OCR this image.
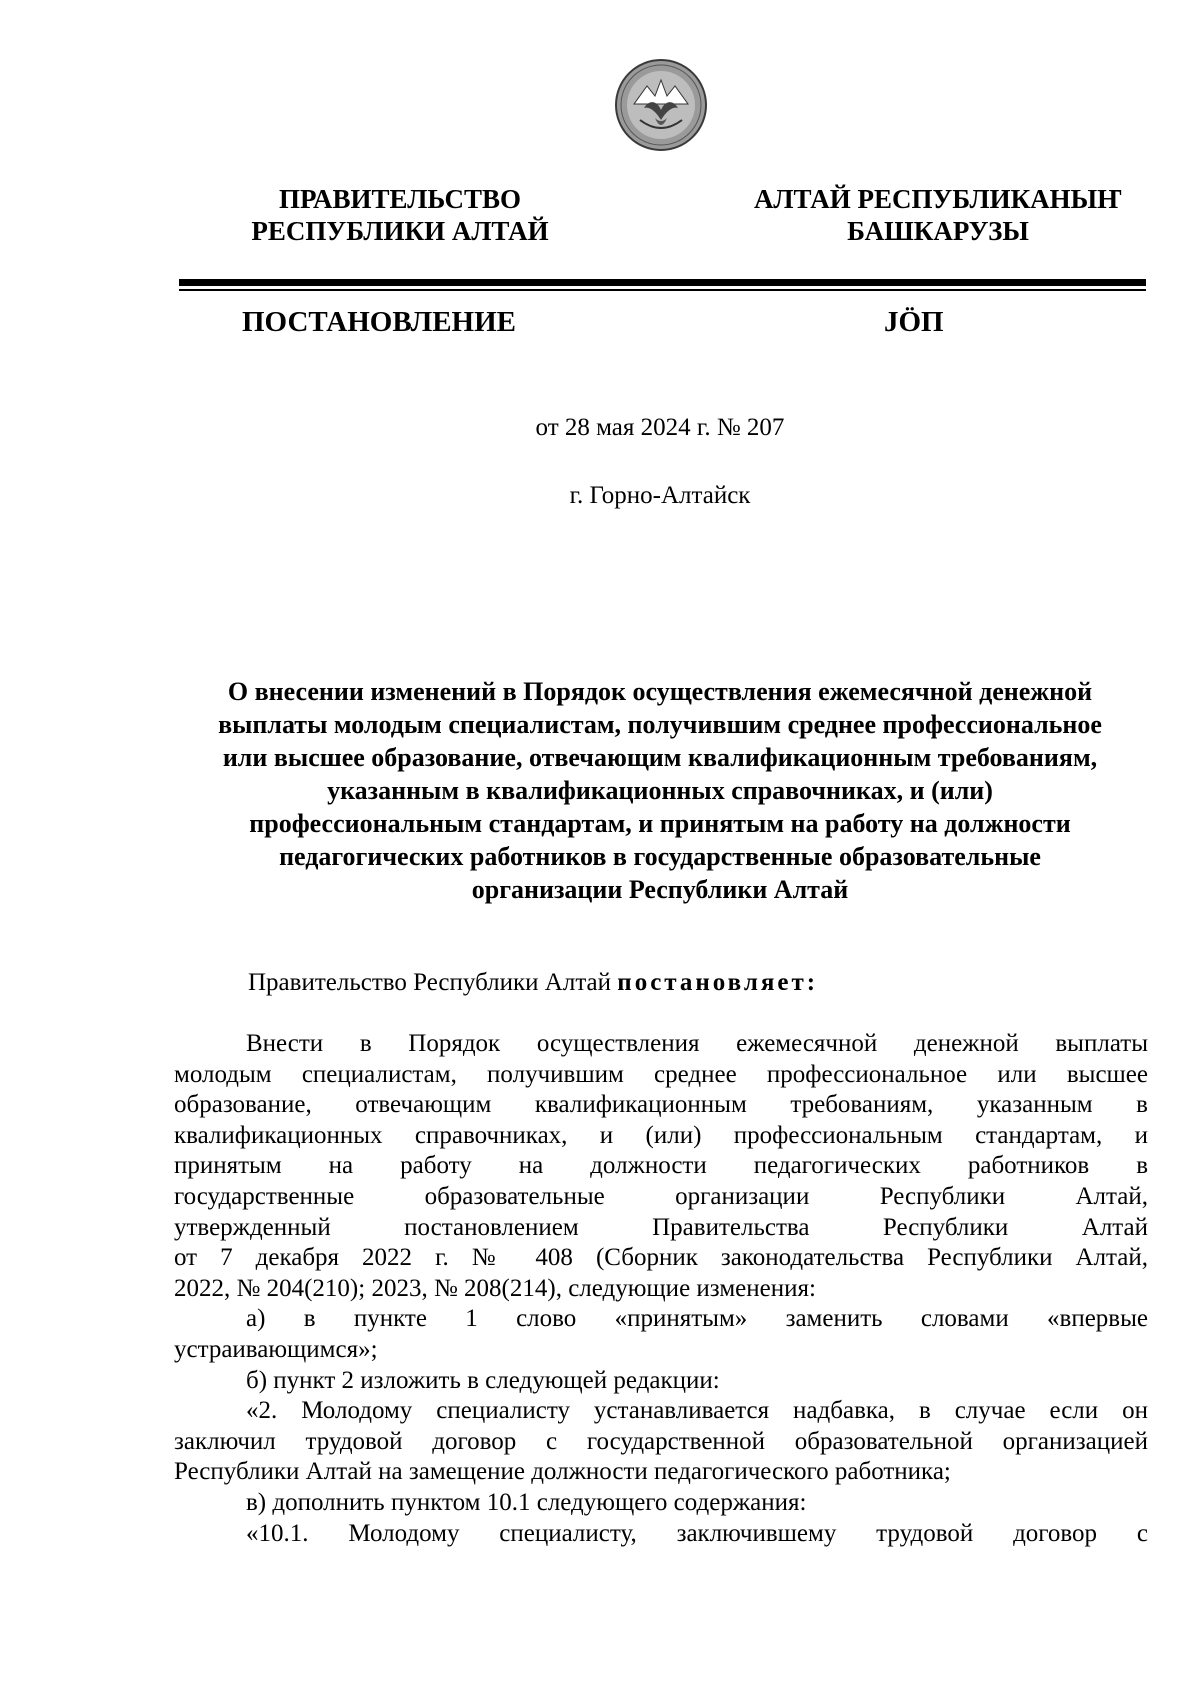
ПРАВИТЕЛЬСТВО
РЕСПУБЛИКИ АЛТАЙ
АЛТАЙ РЕСПУБЛИКАНЫҤ
БАШКАРУЗЫ
ПОСТАНОВЛЕНИЕ	JӦП
от 28 мая 2024 г. № 207
г. Горно-Алтайск
О внесении изменений в Порядок осуществления ежемесячной денежной
выплаты молодым специалистам, получившим среднее профессиональное
или высшее образование, отвечающим квалификационным требованиям,
указанным в квалификационных справочниках, и (или)
профессиональным стандартам, и принятым на работу на должности
педагогических работников в государственные образовательные
организации Республики Алтай
Правительство Республики Алтай постановляет:
Внести в Порядок осуществления ежемесячной денежной выплаты
молодым специалистам, получившим среднее профессиональное или высшее
образование, отвечающим квалификационным требованиям, указанным в
квалификационных справочниках, и (или) профессиональным стандартам, и
принятым на работу на должности педагогических работников в
государственные образовательные организации Республики Алтай,
утвержденный постановлением Правительства Республики Алтай
от 7 декабря 2022 г. № 408 (Сборник законодательства Республики Алтай,
2022, № 204(210); 2023, № 208(214), следующие изменения:
а) в пункте 1 слово «принятым» заменить словами «впервые
устраивающимся»;
б) пункт 2 изложить в следующей редакции:
«2. Молодому специалисту устанавливается надбавка, в случае если он
заключил трудовой договор с государственной образовательной организацией
Республики Алтай на замещение должности педагогического работника;
в) дополнить пунктом 10.1 следующего содержания:
«10.1. Молодому специалисту, заключившему трудовой договор с
